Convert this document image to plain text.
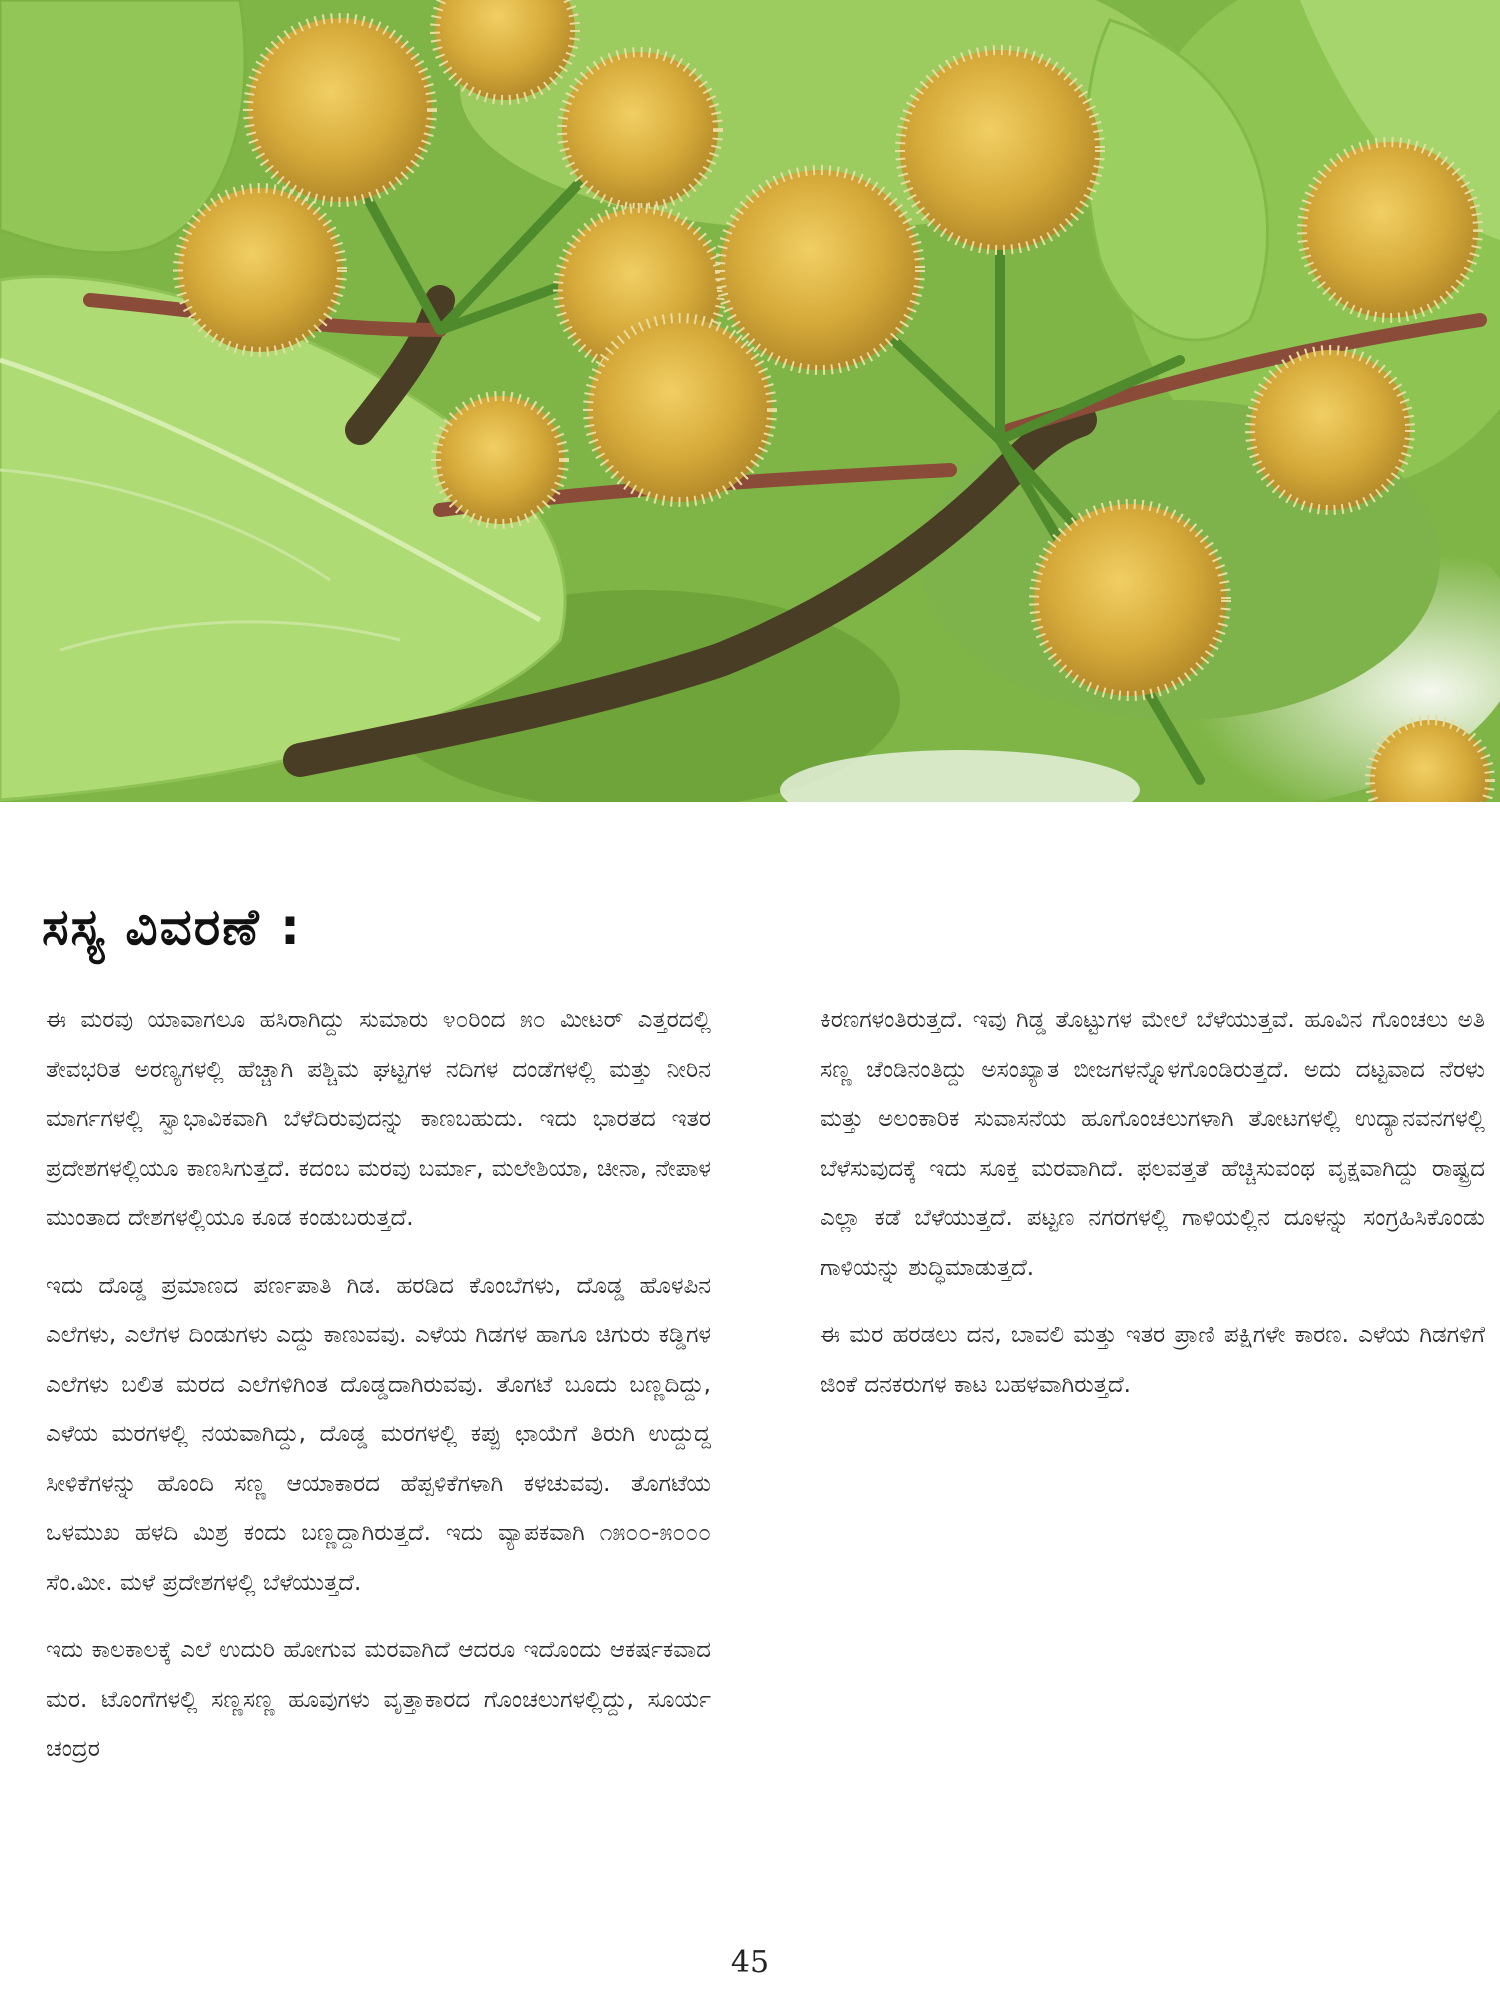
ಸಸ್ಯ ವಿವರಣೆ :

ಈ ಮರವು ಯಾವಾಗಲೂ ಹಸಿರಾಗಿದ್ದು ಸುಮಾರು ೪೦ರಿಂದ ೫೦ ಮೀಟರ್ ಎತ್ತರದಲ್ಲಿ ತೇವಭರಿತ ಅರಣ್ಯಗಳಲ್ಲಿ ಹೆಚ್ಚಾಗಿ ಪಶ್ಚಿಮ ಘಟ್ಟಗಳ ನದಿಗಳ ದಂಡೆಗಳಲ್ಲಿ ಮತ್ತು ನೀರಿನ ಮಾರ್ಗಗಳಲ್ಲಿ ಸ್ವಾಭಾವಿಕವಾಗಿ ಬೆಳೆದಿರುವುದನ್ನು ಕಾಣಬಹುದು. ಇದು ಭಾರತದ ಇತರ ಪ್ರದೇಶಗಳಲ್ಲಿಯೂ ಕಾಣಸಿಗುತ್ತದೆ. ಕದಂಬ ಮರವು ಬರ್ಮಾ, ಮಲೇಶಿಯಾ, ಚೀನಾ, ನೇಪಾಳ ಮುಂತಾದ ದೇಶಗಳಲ್ಲಿಯೂ ಕೂಡ ಕಂಡುಬರುತ್ತದೆ.

ಇದು ದೊಡ್ಡ ಪ್ರಮಾಣದ ಪರ್ಣಪಾತಿ ಗಿಡ. ಹರಡಿದ ಕೊಂಬೆಗಳು, ದೊಡ್ಡ ಹೊಳಪಿನ ಎಲೆಗಳು, ಎಲೆಗಳ ದಿಂಡುಗಳು ಎದ್ದು ಕಾಣುವವು. ಎಳೆಯ ಗಿಡಗಳ ಹಾಗೂ ಚಿಗುರು ಕಡ್ಡಿಗಳ ಎಲೆಗಳು ಬಲಿತ ಮರದ ಎಲೆಗಳಿಗಿಂತ ದೊಡ್ಡದಾಗಿರುವವು. ತೊಗಟೆ ಬೂದು ಬಣ್ಣದಿದ್ದು, ಎಳೆಯ ಮರಗಳಲ್ಲಿ ನಯವಾಗಿದ್ದು, ದೊಡ್ಡ ಮರಗಳಲ್ಲಿ ಕಪ್ಪು ಛಾಯೆಗೆ ತಿರುಗಿ ಉದ್ದುದ್ದ ಸೀಳಿಕೆಗಳನ್ನು ಹೊಂದಿ ಸಣ್ಣ ಆಯಾಕಾರದ ಹೆಪ್ಪಳಿಕೆಗಳಾಗಿ ಕಳಚುವವು. ತೊಗಟೆಯ ಒಳಮುಖ ಹಳದಿ ಮಿಶ್ರ ಕಂದು ಬಣ್ಣದ್ದಾಗಿರುತ್ತದೆ. ಇದು ವ್ಯಾಪಕವಾಗಿ ೧೫೦೦-೫೦೦೦ ಸೆಂ.ಮೀ. ಮಳೆ ಪ್ರದೇಶಗಳಲ್ಲಿ ಬೆಳೆಯುತ್ತದೆ.

ಇದು ಕಾಲಕಾಲಕ್ಕೆ ಎಲೆ ಉದುರಿ ಹೋಗುವ ಮರವಾಗಿದೆ ಆದರೂ ಇದೊಂದು ಆಕರ್ಷಕವಾದ ಮರ. ಟೊಂಗೆಗಳಲ್ಲಿ ಸಣ್ಣಸಣ್ಣ ಹೂವುಗಳು ವೃತ್ತಾಕಾರದ ಗೊಂಚಲುಗಳಲ್ಲಿದ್ದು, ಸೂರ್ಯ ಚಂದ್ರರ

ಕಿರಣಗಳಂತಿರುತ್ತದೆ. ಇವು ಗಿಡ್ಡ ತೊಟ್ಟುಗಳ ಮೇಲೆ ಬೆಳೆಯುತ್ತವೆ. ಹೂವಿನ ಗೊಂಚಲು ಅತಿ ಸಣ್ಣ ಚೆಂಡಿನಂತಿದ್ದು ಅಸಂಖ್ಯಾತ ಬೀಜಗಳನ್ನೊಳಗೊಂಡಿರುತ್ತದೆ. ಅದು ದಟ್ಟವಾದ ನೆರಳು ಮತ್ತು ಅಲಂಕಾರಿಕ ಸುವಾಸನೆಯ ಹೂಗೊಂಚಲುಗಳಾಗಿ ತೋಟಗಳಲ್ಲಿ ಉದ್ಯಾನವನಗಳಲ್ಲಿ ಬೆಳೆಸುವುದಕ್ಕೆ ಇದು ಸೂಕ್ತ ಮರವಾಗಿದೆ. ಫಲವತ್ತತೆ ಹೆಚ್ಚಿಸುವಂಥ ವೃಕ್ಷವಾಗಿದ್ದು ರಾಷ್ಟ್ರದ ಎಲ್ಲಾ ಕಡೆ ಬೆಳೆಯುತ್ತದೆ. ಪಟ್ಟಣ ನಗರಗಳಲ್ಲಿ ಗಾಳಿಯಲ್ಲಿನ ದೂಳನ್ನು ಸಂಗ್ರಹಿಸಿಕೊಂಡು ಗಾಳಿಯನ್ನು ಶುದ್ಧಿಮಾಡುತ್ತದೆ.

ಈ ಮರ ಹರಡಲು ದನ, ಬಾವಲಿ ಮತ್ತು ಇತರ ಪ್ರಾಣಿ ಪಕ್ಷಿಗಳೇ ಕಾರಣ. ಎಳೆಯ ಗಿಡಗಳಿಗೆ ಜಿಂಕೆ ದನಕರುಗಳ ಕಾಟ ಬಹಳವಾಗಿರುತ್ತದೆ.

45
